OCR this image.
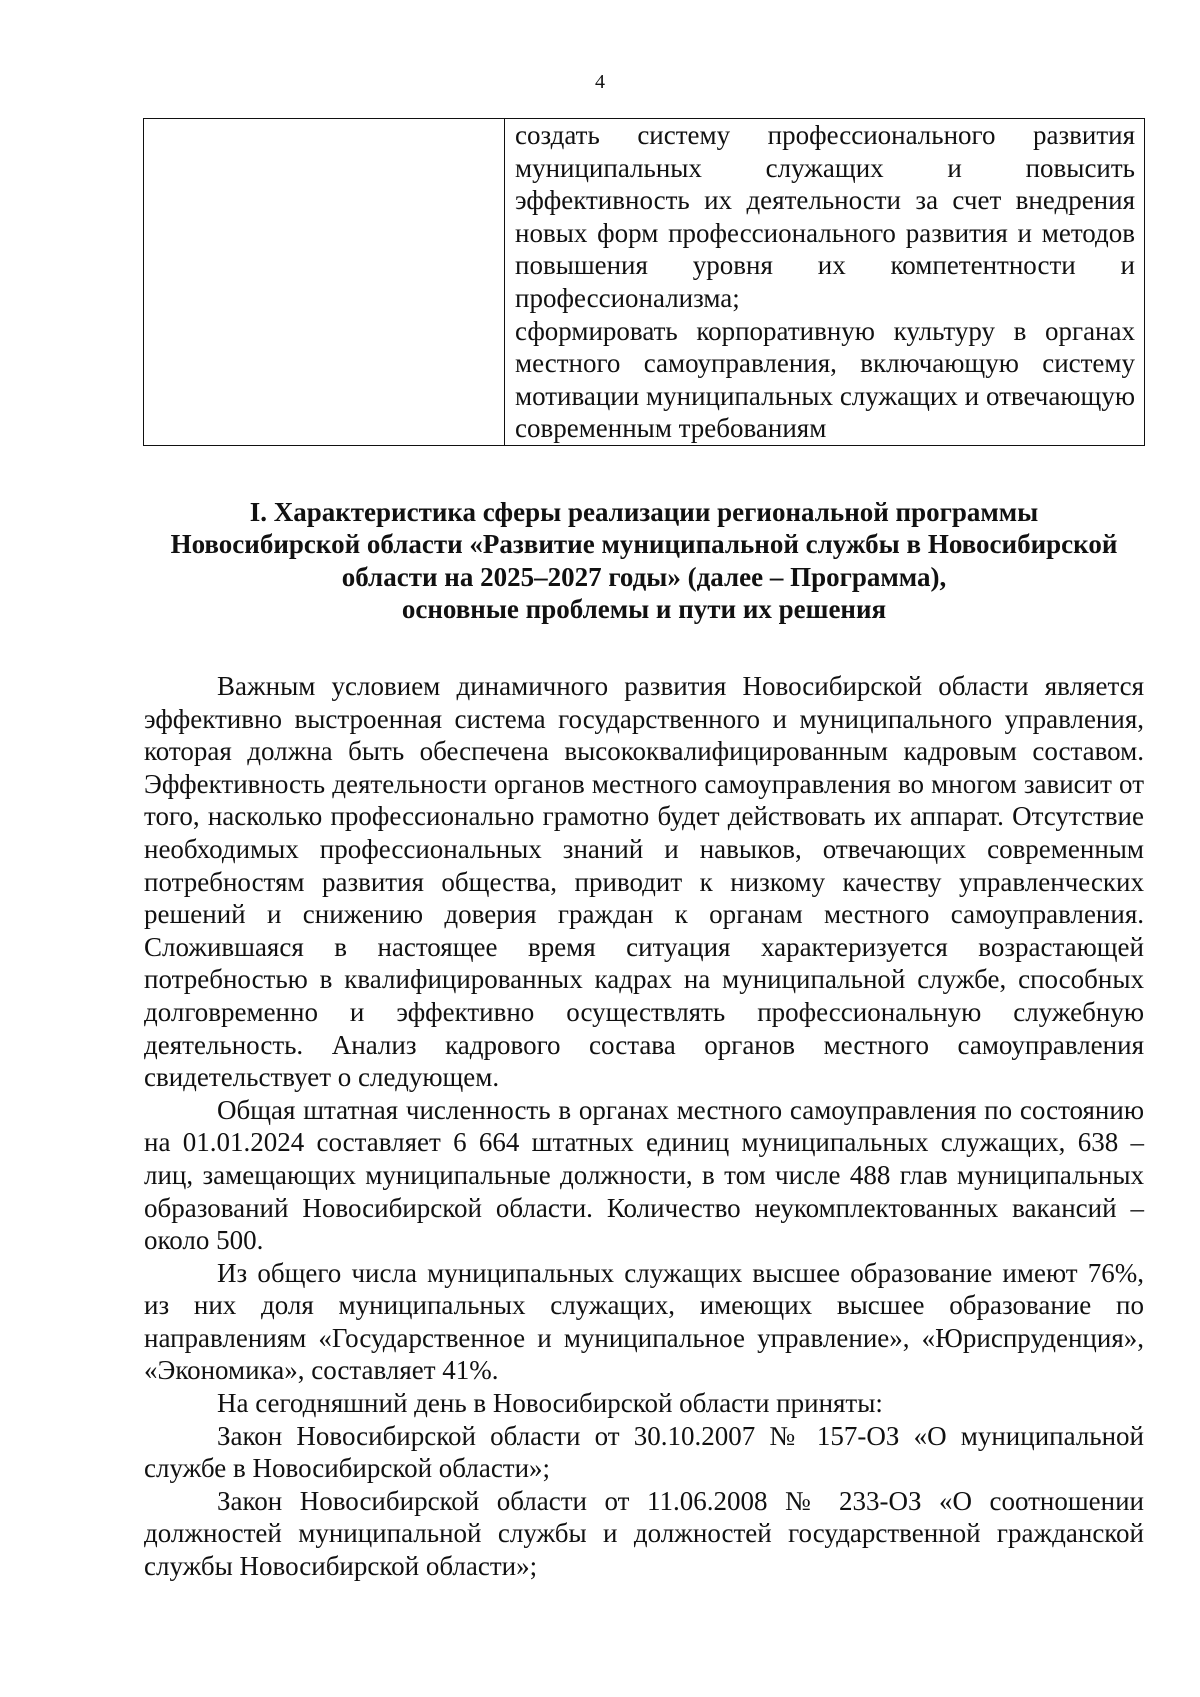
4

создать систему профессионального развития муниципальных служащих и повысить эффективность их деятельности за счет внедрения новых форм профессионального развития и методов повышения уровня их компетентности и профессионализма;

сформировать корпоративную культуру в органах местного самоуправления, включающую систему мотивации муниципальных служащих и отвечающую современным требованиям

I. Характеристика сферы реализации региональной программы
Новосибирской области «Развитие муниципальной службы в Новосибирской
области на 2025–2027 годы» (далее – Программа),
основные проблемы и пути их решения

Важным условием динамичного развития Новосибирской области является эффективно выстроенная система государственного и муниципального управления, которая должна быть обеспечена высококвалифицированным кадровым составом. Эффективность деятельности органов местного самоуправления во многом зависит от того, насколько профессионально грамотно будет действовать их аппарат. Отсутствие необходимых профессиональных знаний и навыков, отвечающих современным потребностям развития общества, приводит к низкому качеству управленческих решений и снижению доверия граждан к органам местного самоуправления. Сложившаяся в настоящее время ситуация характеризуется возрастающей потребностью в квалифицированных кадрах на муниципальной службе, способных долговременно и эффективно осуществлять профессиональную служебную деятельность. Анализ кадрового состава органов местного самоуправления свидетельствует о следующем.

Общая штатная численность в органах местного самоуправления по состоянию на 01.01.2024 составляет 6 664 штатных единиц муниципальных служащих, 638 – лиц, замещающих муниципальные должности, в том числе 488 глав муниципальных образований Новосибирской области. Количество неукомплектованных вакансий – около 500.

Из общего числа муниципальных служащих высшее образование имеют 76%, из них доля муниципальных служащих, имеющих высшее образование по направлениям «Государственное и муниципальное управление», «Юриспруденция», «Экономика», составляет 41%.

На сегодняшний день в Новосибирской области приняты:

Закон Новосибирской области от 30.10.2007 № 157-ОЗ «О муниципальной службе в Новосибирской области»;

Закон Новосибирской области от 11.06.2008 № 233-ОЗ «О соотношении должностей муниципальной службы и должностей государственной гражданской службы Новосибирской области»;
